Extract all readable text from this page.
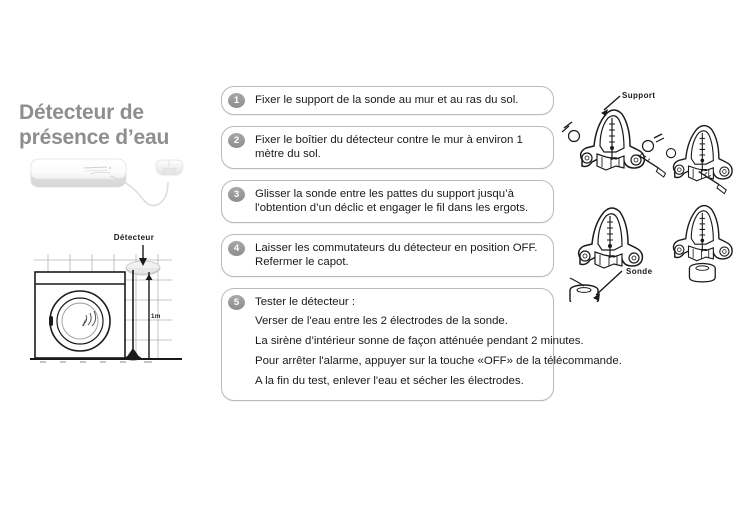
Détecteur de
présence d’eau
Détecteur
1m
1	Fixer le support de la sonde au mur et au ras du sol.
2	Fixer le boîtier du détecteur contre le mur à environ 1
mètre du sol.
3	Glisser la sonde entre les pattes du support jusqu’à
l'obtention d’un déclic et engager le fil dans les ergots.
4	Laisser les commutateurs du détecteur en position OFF.
Refermer le capot.
5	Tester le détecteur :
Verser de l'eau entre les 2 électrodes de la sonde.
La sirène d’intérieur sonne de façon atténuée pendant 2 minutes.
Pour arrêter l'alarme, appuyer sur la touche «OFF» de la télécommande.
A la fin du test, enlever l'eau et sécher les électrodes.
Support
Sonde
